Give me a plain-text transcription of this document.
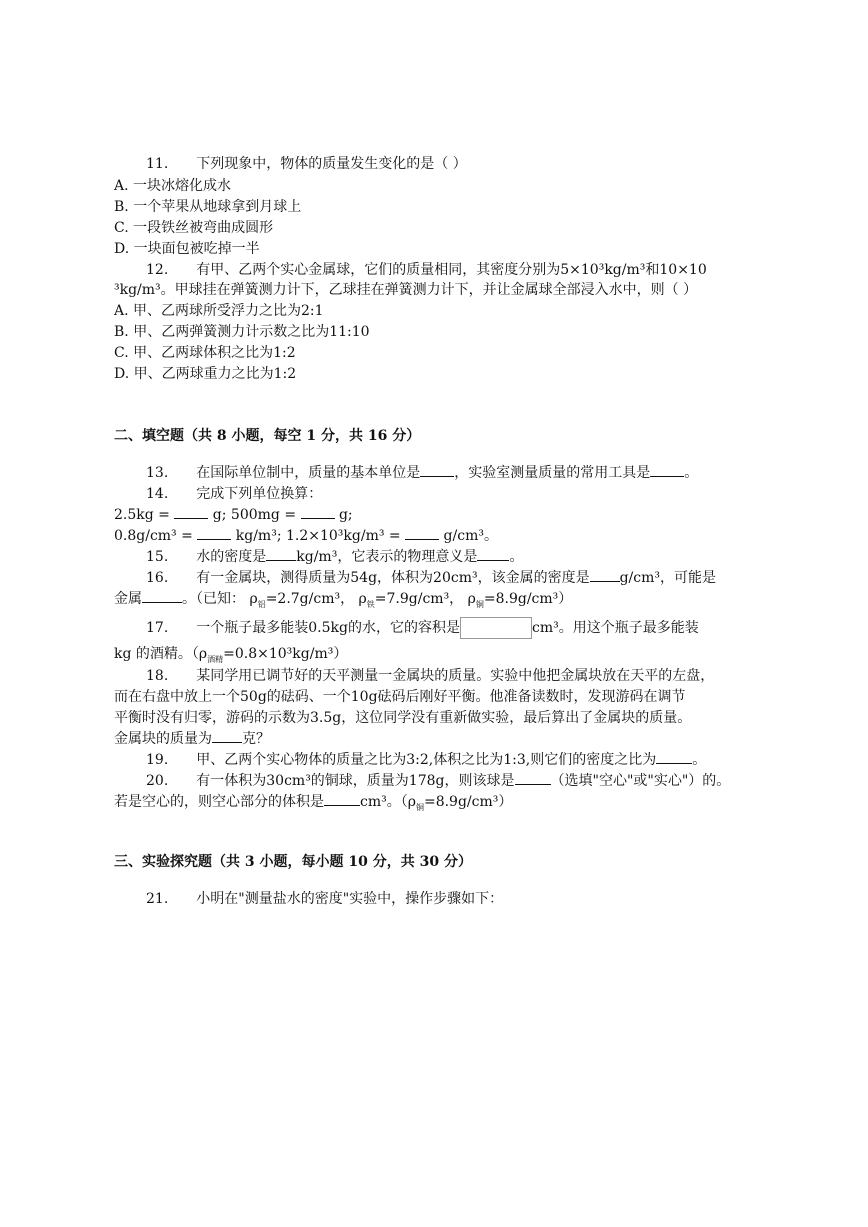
11.　　下列现象中，物体的质量发生变化的是（ ）
A. 一块冰熔化成水
B. 一个苹果从地球拿到月球上
C. 一段铁丝被弯曲成圆形
D. 一块面包被吃掉一半
12.　　有甲、乙两个实心金属球，它们的质量相同，其密度分别为5×10³kg/m³和10×10
³kg/m³。甲球挂在弹簧测力计下，乙球挂在弹簧测力计下，并让金属球全部浸入水中，则（ ）
A. 甲、乙两球所受浮力之比为2:1
B. 甲、乙两弹簧测力计示数之比为11:10
C. 甲、乙两球体积之比为1:2
D. 甲、乙两球重力之比为1:2
二、填空题（共 8 小题，每空 1 分，共 16 分）
13.　　在国际单位制中，质量的基本单位是 ，实验室测量质量的常用工具是 。
14.　　完成下列单位换算：
2.5kg =  g; 500mg =  g;
0.8g/cm³ =  kg/m³; 1.2×10³kg/m³ =  g/cm³。
15.　　水的密度是 kg/m³，它表示的物理意义是 。
16.　　有一金属块，测得质量为54g，体积为20cm³，该金属的密度是 g/cm³，可能是
金属	。（已知： $\rho_铝=2.7g$/cm³， $\rho_铁=7.9g$/cm³， $\rho_铜=8.9g/cm^3$）
17.　　一个瓶子最多能装0.5kg的水，它的容积是	cm³。用这个瓶子最多能装
kg 的酒精。$(\rho_{酒精}=0.8\times 10^3kg/m^3)$
18.　　某同学用已调节好的天平测量一金属块的质量。实验中他把金属块放在天平的左盘，
而在右盘中放上一个50g的砝码、一个10g砝码后刚好平衡。他准备读数时，发现游码在调节
平衡时没有归零，游码的示数为3.5g，这位同学没有重新做实验，最后算出了金属块的质量。
金属块的质量为 克？
19.　　甲、乙两个实心物体的质量之比为3:2,体积之比为1:3,则它们的密度之比为	。
20.　　有一体积为30cm³的铜球，质量为178g，则该球是	（选填"空心"或"实心"）的。
若是空心的，则空心部分的体积是	cm³。$(\rho_铜=8.9g/cm^3)$
三、实验探究题（共 3 小题，每小题 10 分，共 30 分）
21.　　小明在"测量盐水的密度"实验中，操作步骤如下：
